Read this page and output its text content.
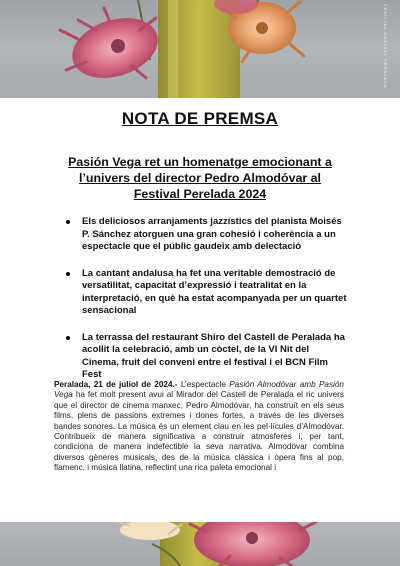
FESTIVAL CASTELL PERALADA
NOTA DE PREMSA
Pasión Vega ret un homenatge emocionant a l’univers del director Pedro Almodóvar al Festival Perelada 2024
Els deliciosos arranjaments jazzístics del pianista Moisés P. Sánchez atorguen una gran cohesió i coherència a un espectacle que el públic gaudeix amb delectació
La cantant andalusa ha fet una veritable demostració de versatilitat, capacitat d’expressió i teatralitat en la interpretació, en què ha estat acompanyada per un quartet sensacional
La terrassa del restaurant Shiro del Castell de Peralada ha acollit la celebració, amb un còctel, de la VI Nit del Cinema, fruit del conveni entre el festival i el BCN Film Fest

Peralada, 21 de juliol de 2024.- L’espectacle Pasión Almodóvar amb Pasión Vega ha fet molt present avui al Mirador del Castell de Peralada el ric univers que el director de cinema manxec, Pedro Almodóvar, ha construït en els seus films, plens de passions extremes i dones fortes, a través de les diverses bandes sonores. La música és un element clau en les pel·lícules d’Almodóvar. Contribueix de manera significativa a construir atmosferes i, per tant, condiciona de manera indefectible la seva narrativa. Almodóvar combina diversos gèneres musicals, des de la música clàssica i òpera fins al pop, flamenc, i música llatina, reflectint una rica paleta emocional i
